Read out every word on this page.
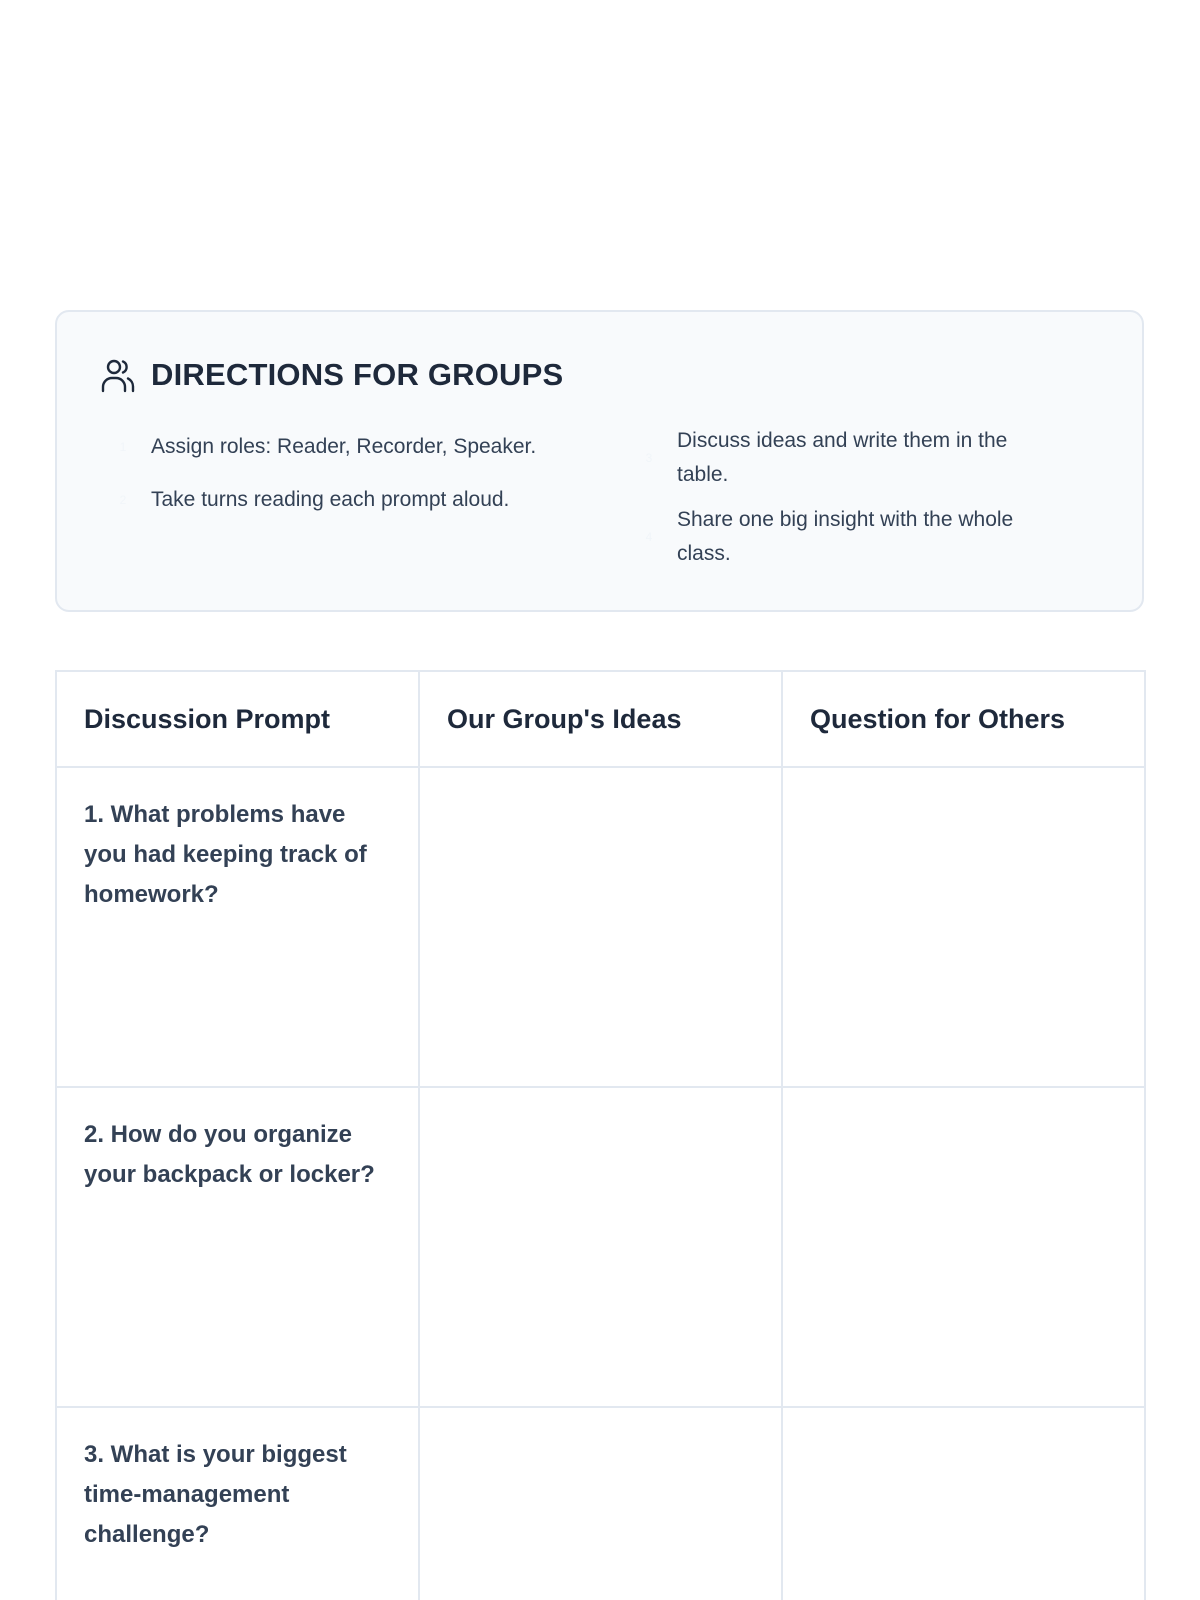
DIRECTIONS FOR GROUPS
1	Assign roles: Reader, Recorder, Speaker.
2	Take turns reading each prompt aloud.
3
Discuss ideas and write them in the table.
4
Share one big insight with the whole class.
Discussion Prompt	Our Group's Ideas	Question for Others
1. What problems have you had keeping track of homework?		
2. How do you organize your backpack or locker?		
3. What is your biggest time-management challenge?		
